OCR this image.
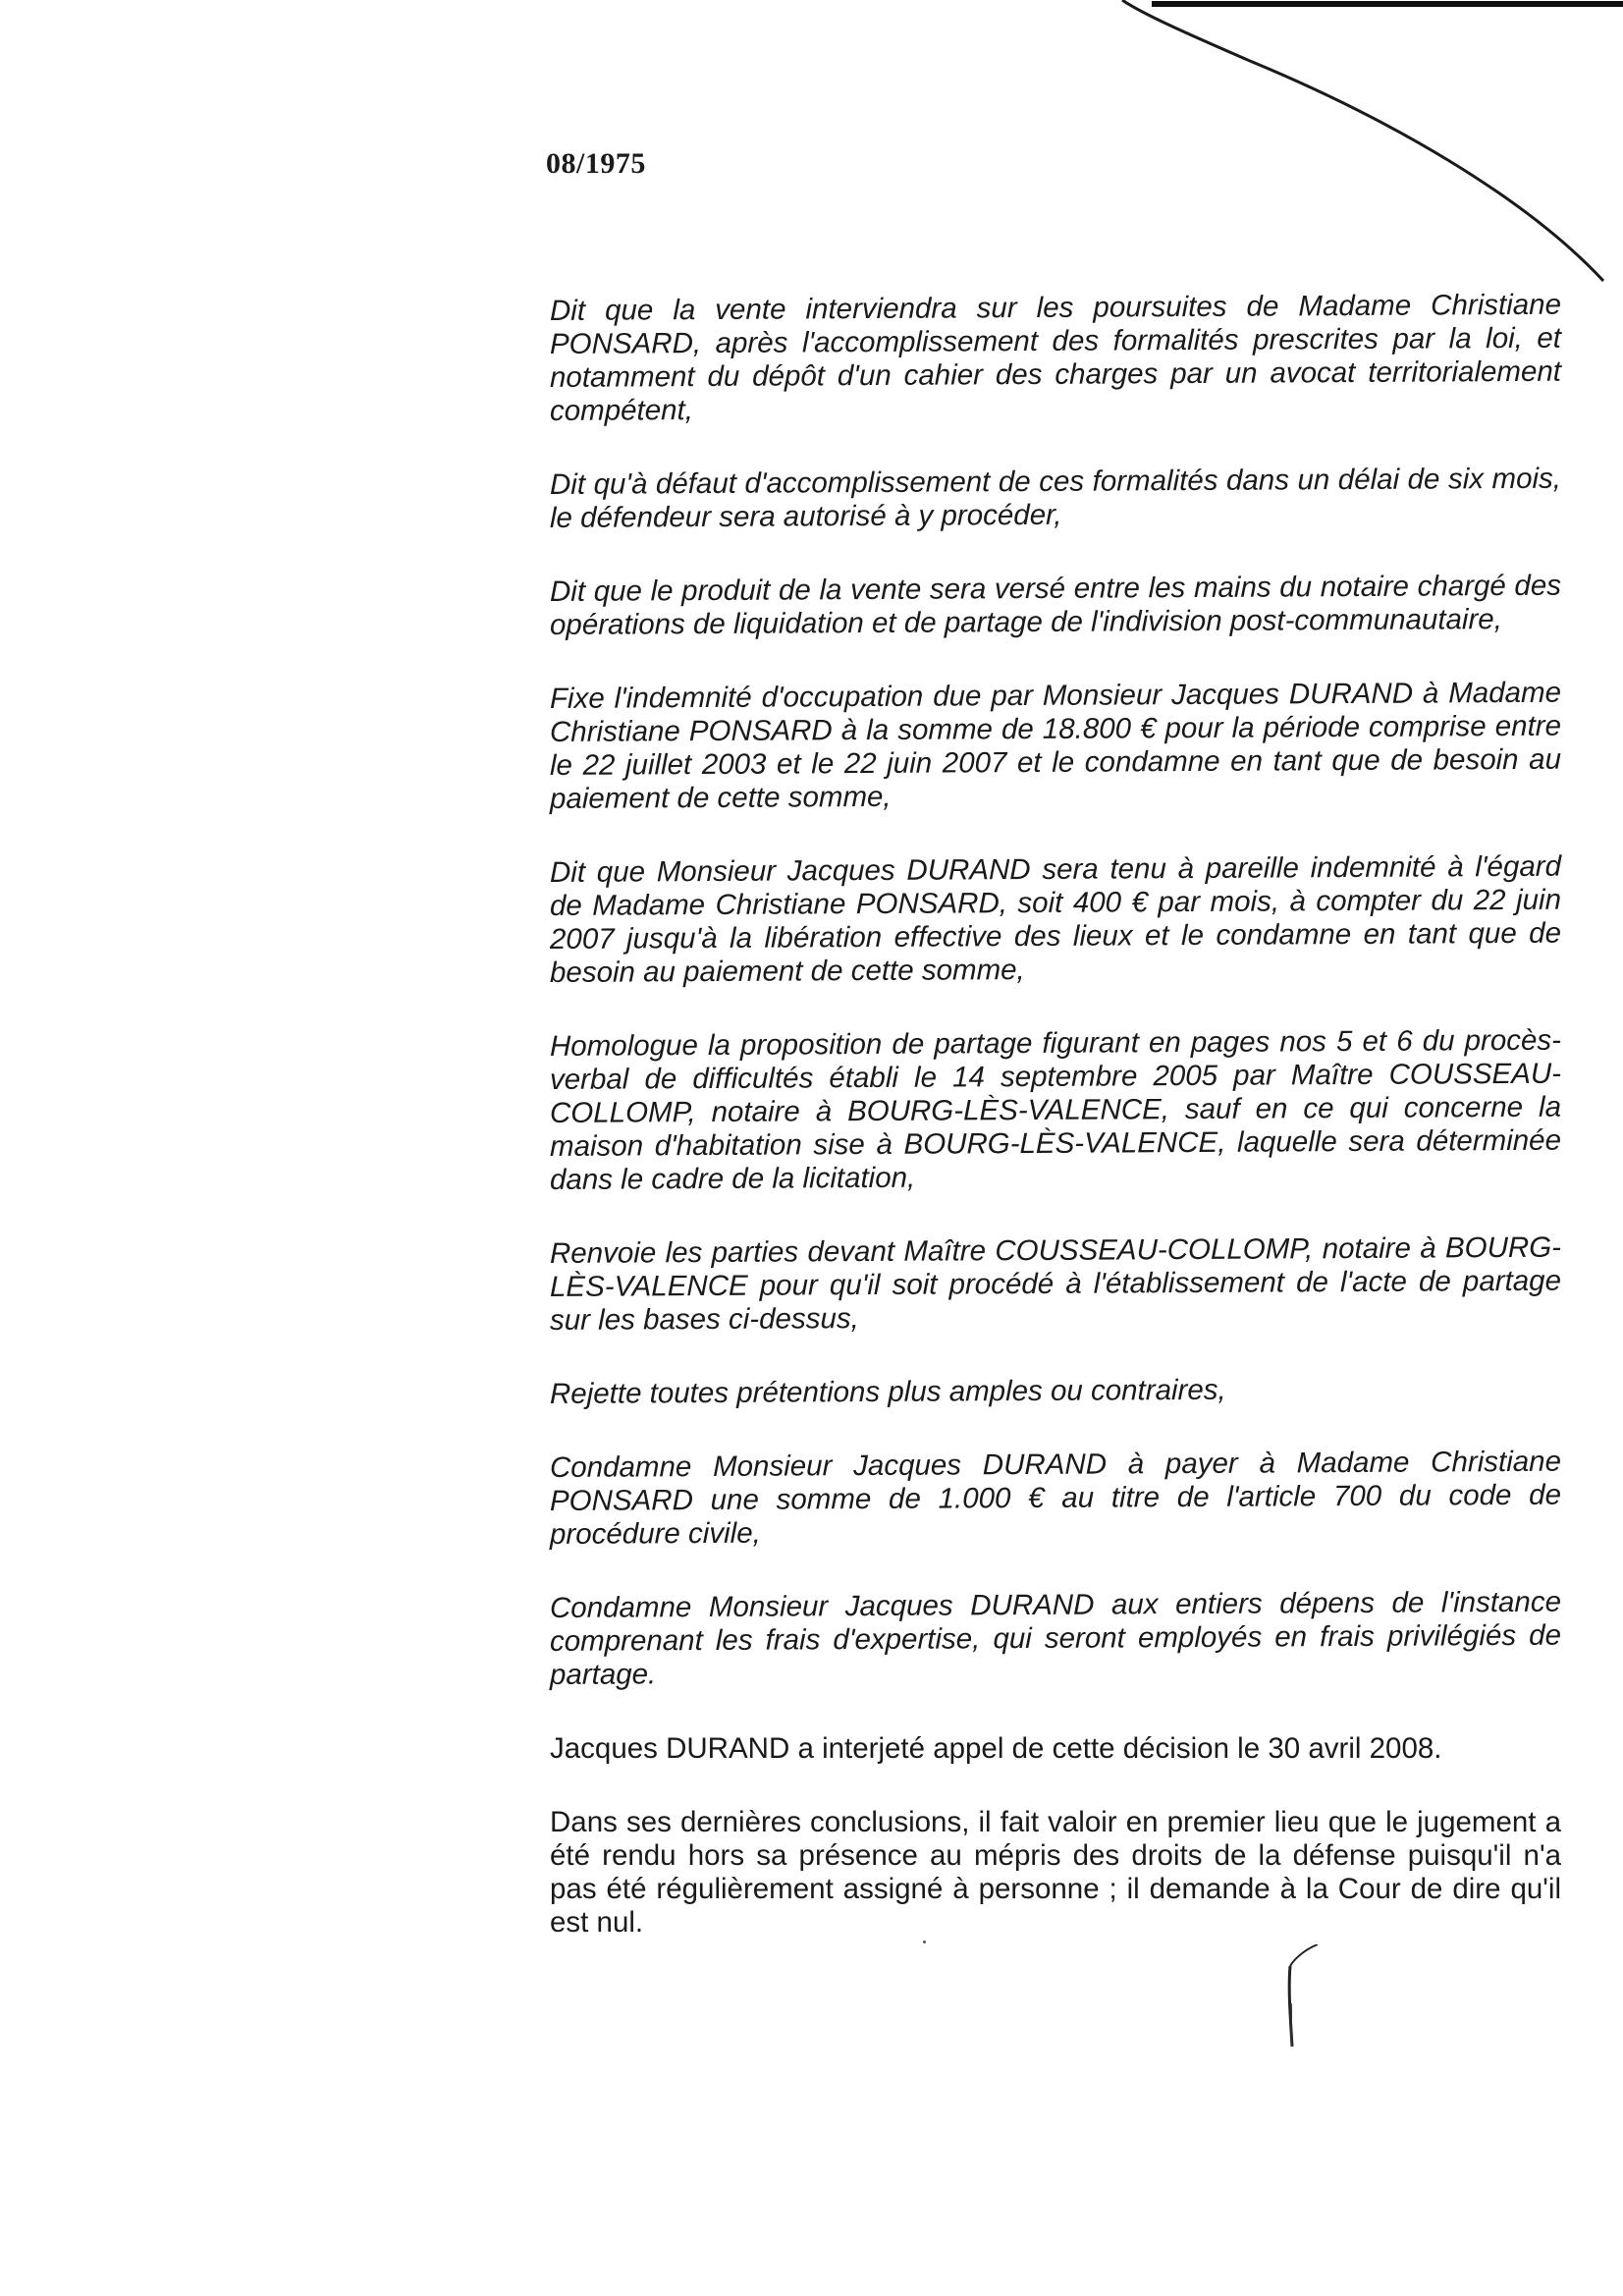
08/1975

Dit que la vente interviendra sur les poursuites de Madame Christiane PONSARD, après l'accomplissement des formalités prescrites par la loi, et notamment du dépôt d'un cahier des charges par un avocat territorialement compétent,

Dit qu'à défaut d'accomplissement de ces formalités dans un délai de six mois, le défendeur sera autorisé à y procéder,

Dit que le produit de la vente sera versé entre les mains du notaire chargé des opérations de liquidation et de partage de l'indivision post-communautaire,

Fixe l'indemnité d'occupation due par Monsieur Jacques DURAND à Madame Christiane PONSARD à la somme de 18.800 € pour la période comprise entre le 22 juillet 2003 et le 22 juin 2007 et le condamne en tant que de besoin au paiement de cette somme,

Dit que Monsieur Jacques DURAND sera tenu à pareille indemnité à l'égard de Madame Christiane PONSARD, soit 400 € par mois, à compter du 22 juin 2007 jusqu'à la libération effective des lieux et le condamne en tant que de besoin au paiement de cette somme,

Homologue la proposition de partage figurant en pages nos 5 et 6 du procès-verbal de difficultés établi le 14 septembre 2005 par Maître COUSSEAU-COLLOMP, notaire à BOURG-LÈS-VALENCE, sauf en ce qui concerne la maison d'habitation sise à BOURG-LÈS-VALENCE, laquelle sera déterminée dans le cadre de la licitation,

Renvoie les parties devant Maître COUSSEAU-COLLOMP, notaire à BOURG-LÈS-VALENCE pour qu'il soit procédé à l'établissement de l'acte de partage sur les bases ci-dessus,

Rejette toutes prétentions plus amples ou contraires,

Condamne Monsieur Jacques DURAND à payer à Madame Christiane PONSARD une somme de 1.000 € au titre de l'article 700 du code de procédure civile,

Condamne Monsieur Jacques DURAND aux entiers dépens de l'instance comprenant les frais d'expertise, qui seront employés en frais privilégiés de partage.

Jacques DURAND a interjeté appel de cette décision le 30 avril 2008.

Dans ses dernières conclusions, il fait valoir en premier lieu que le jugement a été rendu hors sa présence au mépris des droits de la défense puisqu'il n'a pas été régulièrement assigné à personne ; il demande à la Cour de dire qu'il est nul.
